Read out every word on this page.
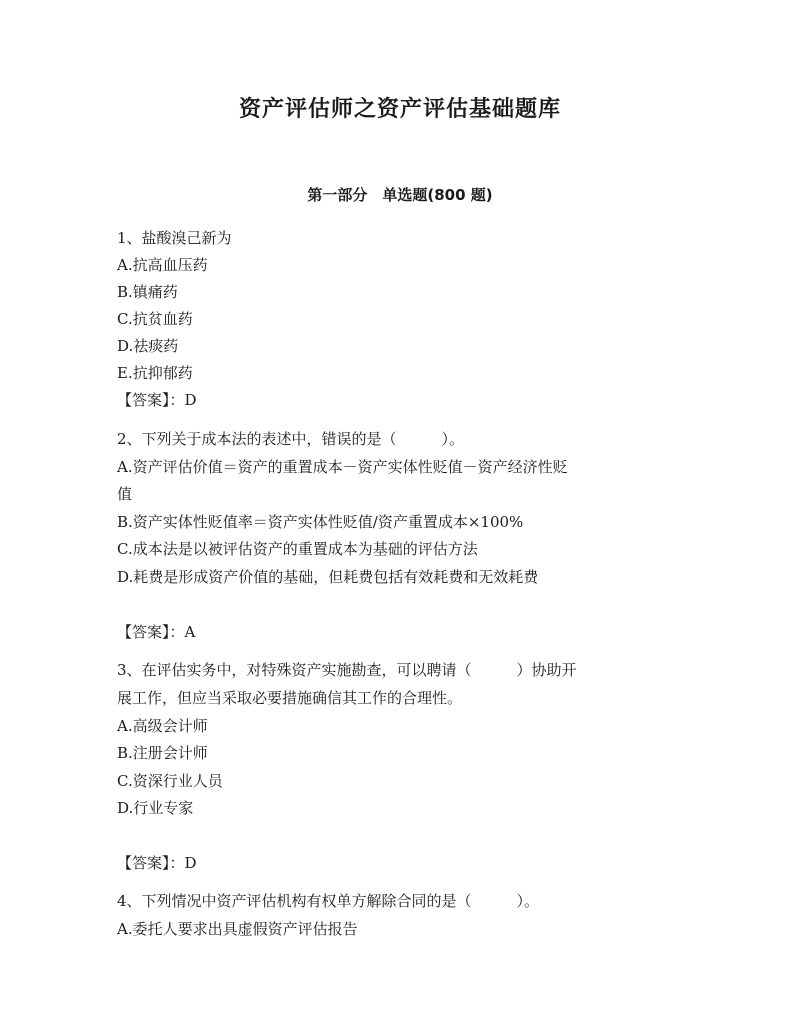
资产评估师之资产评估基础题库
第一部分　单选题(800 题)
1、盐酸溴己新为
A.抗高血压药
B.镇痛药
C.抗贫血药
D.祛痰药
E.抗抑郁药
【答案】：D
2、下列关于成本法的表述中，错误的是（　　　）。
A.资产评估价值＝资产的重置成本－资产实体性贬值－资产经济性贬
值
B.资产实体性贬值率＝资产实体性贬值/资产重置成本×100%
C.成本法是以被评估资产的重置成本为基础的评估方法
D.耗费是形成资产价值的基础，但耗费包括有效耗费和无效耗费
【答案】：A
3、在评估实务中，对特殊资产实施勘查，可以聘请（　　　）协助开
展工作，但应当采取必要措施确信其工作的合理性。
A.高级会计师
B.注册会计师
C.资深行业人员
D.行业专家
【答案】：D
4、下列情况中资产评估机构有权单方解除合同的是（　　　）。
A.委托人要求出具虚假资产评估报告
